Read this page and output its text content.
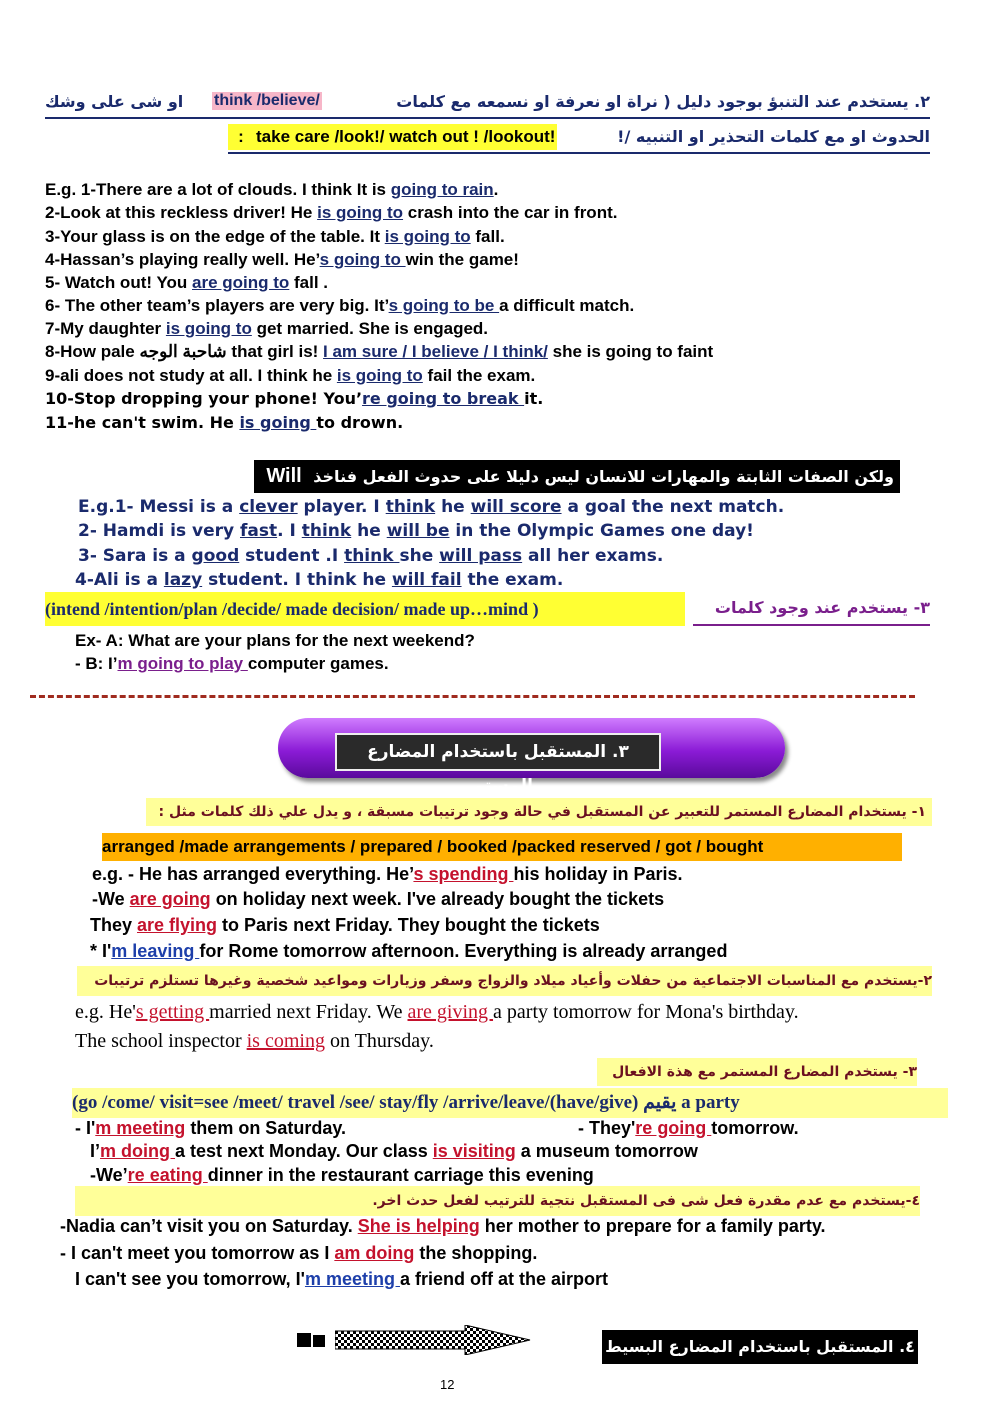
٢. يستخدم عند التنبؤ بوجود دليل ( نراة او نعرفة او نسمعه مع كلمات
think /believe/
او شى على وشك
الحدوث او مع كلمات التحذير او التنبيه /!
take care /look!/ watch out ! /lookout!
:
E.g. 1-There are a lot of clouds. I think It is going to rain.
2-Look at this reckless driver! He is going to crash into the car in front.
3-Your glass is on the edge of the table. It is going to fall.
4-Hassan’s playing really well. He’s going to win the game!
5- Watch out! You are going to fall .
6- The other team’s players are very big. It’s going to be a difficult match.
7-My daughter is going to get married. She is engaged.
8-How pale شاحبة الوجه that girl is! I am sure / I believe / I think/ she is going to faint
9-ali does not study at all. I think he is going to fail the exam.
10-Stop dropping your phone! You’re going to break it.
11-he can't swim. He is going to drown.
ولكن الصفات الثابتة والمهارات للانسان ليس دليلا على حدوث الفعل فناخذ Will مثل :
E.g.1- Messi is a clever player. I think he will score a goal the next match.
2- Hamdi is very fast. I think he will be in the Olympic Games one day!
3- Sara is a good student .I think she will pass all her exams.
4-Ali is a lazy student. I think he will fail the exam.
٣- يستخدم عند وجود كلمات
(intend /intention/plan /decide/ made decision/ made up…mind )
Ex- A: What are your plans for the next weekend?
- B: I’m going to play computer games.
٣. المستقبل باستخدام المضارع المستمر
١- يستخدام المضارع المستمر للتعبير عن المستقبل في حالة وجود ترتيبات مسبقة ، و يدل علي ذلك كلمات مثل :
arranged /made arrangements / prepared / booked /packed reserved / got / bought
e.g. - He has arranged everything. He’s spending his holiday in Paris.
-We are going on holiday next week. I've already bought the tickets
They are flying to Paris next Friday. They bought the tickets
* I'm leaving for Rome tomorrow afternoon. Everything is already arranged
٢-يستخدم مع المناسبات الاجتماعية من حفلات وأعياد ميلاد والزواج وسفر وزيارات ومواعيد شخصية وغيرها تستلزم ترتيبات
e.g. He's getting married next Friday. We are giving a party tomorrow for Mona's birthday.
The school inspector is coming on Thursday.
٣- يستخدم المضارع المستمر مع هذة الافعال
(go /come/ visit=see /meet/ travel /see/ stay/fly /arrive/leave/(have/give) يقيم a party
- I'm meeting them on Saturday.	- They're going tomorrow.
I’m doing a test next Monday. Our class is visiting a museum tomorrow
-We’re eating dinner in the restaurant carriage this evening
٤-يستخدم مع عدم مقدرة فعل شى فى المستقبل نتجية للترتيب لفعل حدث اخر.
-Nadia can’t visit you on Saturday. She is helping her mother to prepare for a family party.
- I can't meet you tomorrow as I am doing the shopping.
I can't see you tomorrow, I'm meeting a friend off at the airport
٤. المستقبل باستخدام المضارع البسيط
12
